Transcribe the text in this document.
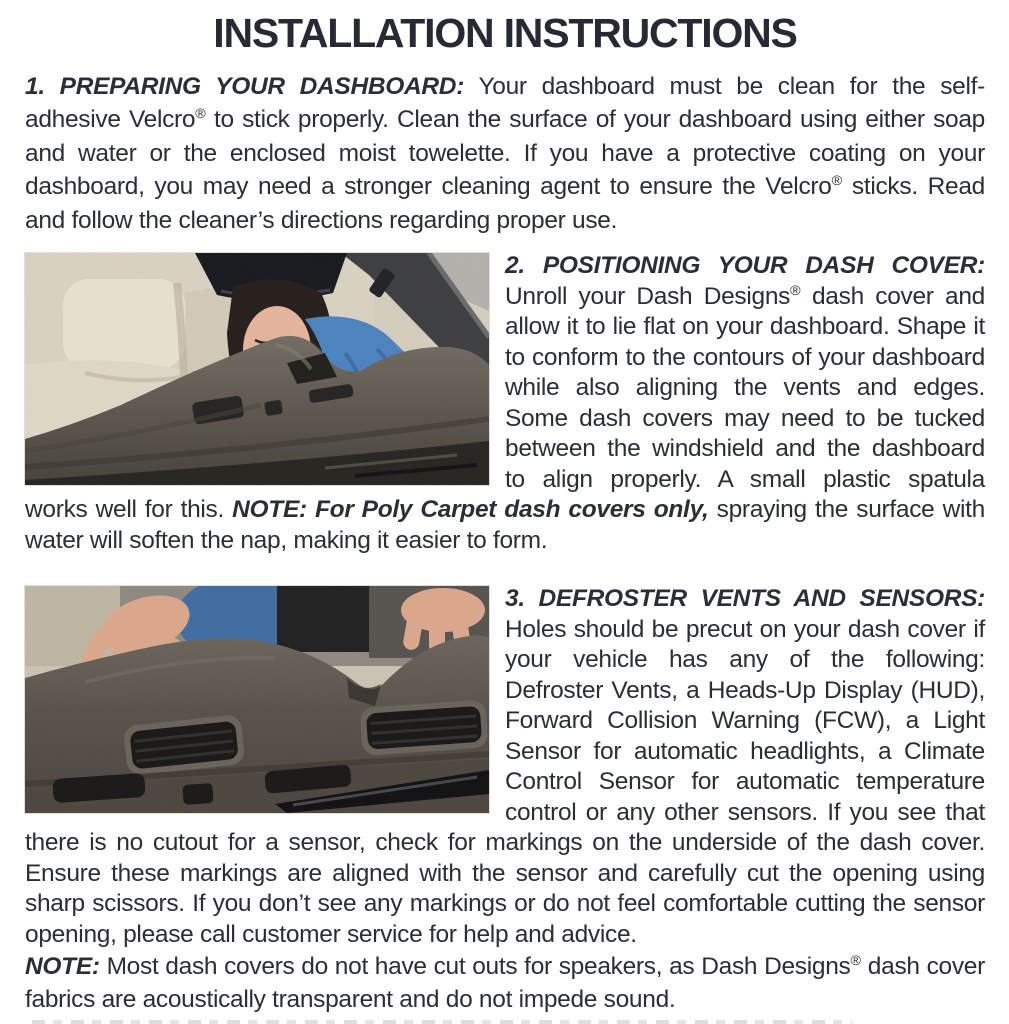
INSTALLATION INSTRUCTIONS

1. PREPARING YOUR DASHBOARD: Your dashboard must be clean for the self-adhesive Velcro® to stick properly. Clean the surface of your dashboard using either soap and water or the enclosed moist towelette. If you have a protective coating on your dashboard, you may need a stronger cleaning agent to ensure the Velcro® sticks. Read and follow the cleaner’s directions regarding proper use.

2. POSITIONING YOUR DASH COVER: Unroll your Dash Designs® dash cover and allow it to lie flat on your dashboard. Shape it to conform to the contours of your dashboard while also aligning the vents and edges. Some dash covers may need to be tucked between the windshield and the dashboard to align properly. A small plastic spatula works well for this. NOTE: For Poly Carpet dash covers only, spraying the surface with water will soften the nap, making it easier to form.

3. DEFROSTER VENTS AND SENSORS: Holes should be precut on your dash cover if your vehicle has any of the following: Defroster Vents, a Heads-Up Display (HUD), Forward Collision Warning (FCW), a Light Sensor for automatic headlights, a Climate Control Sensor for automatic temperature control or any other sensors. If you see that there is no cutout for a sensor, check for markings on the underside of the dash cover. Ensure these markings are aligned with the sensor and carefully cut the opening using sharp scissors. If you don’t see any markings or do not feel comfortable cutting the sensor opening, please call customer service for help and advice.

NOTE: Most dash covers do not have cut outs for speakers, as Dash Designs® dash cover fabrics are acoustically transparent and do not impede sound.
